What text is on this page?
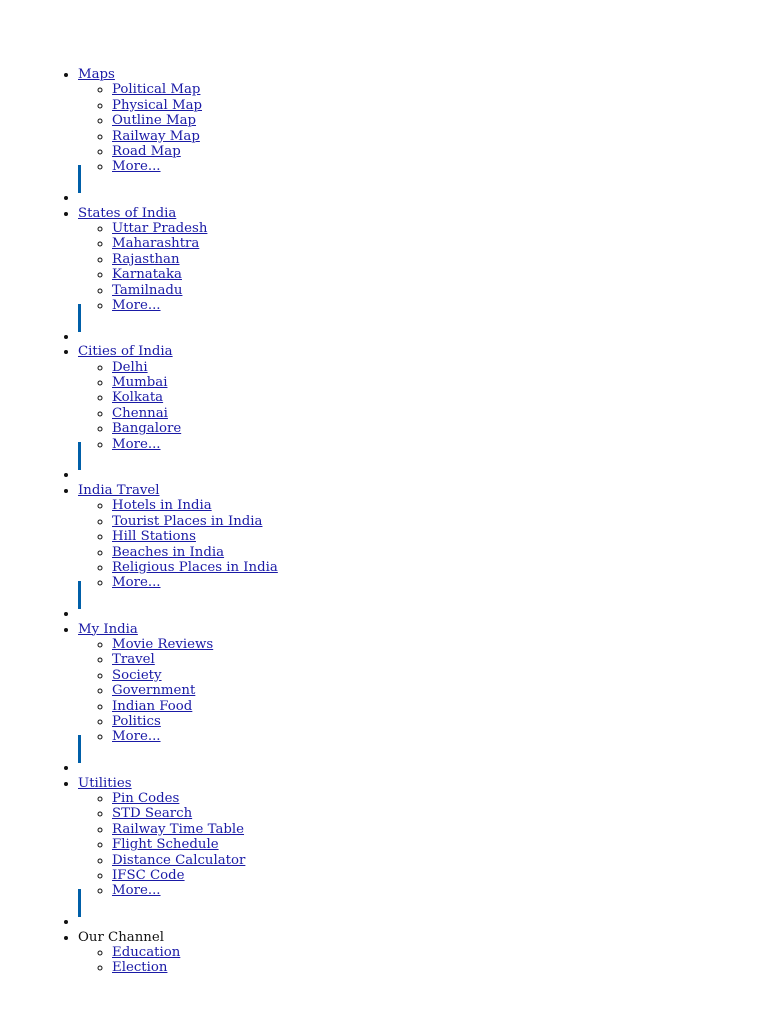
• Maps
◦ Political Map
◦ Physical Map
◦ Outline Map
◦ Railway Map
◦ Road Map
◦ More...
•
• States of India
◦ Uttar Pradesh
◦ Maharashtra
◦ Rajasthan
◦ Karnataka
◦ Tamilnadu
◦ More...
•
• Cities of India
◦ Delhi
◦ Mumbai
◦ Kolkata
◦ Chennai
◦ Bangalore
◦ More...
•
• India Travel
◦ Hotels in India
◦ Tourist Places in India
◦ Hill Stations
◦ Beaches in India
◦ Religious Places in India
◦ More...
•
• My India
◦ Movie Reviews
◦ Travel
◦ Society
◦ Government
◦ Indian Food
◦ Politics
◦ More...
•
• Utilities
◦ Pin Codes
◦ STD Search
◦ Railway Time Table
◦ Flight Schedule
◦ Distance Calculator
◦ IFSC Code
◦ More...
•
• Our Channel
◦ Education
◦ Election
